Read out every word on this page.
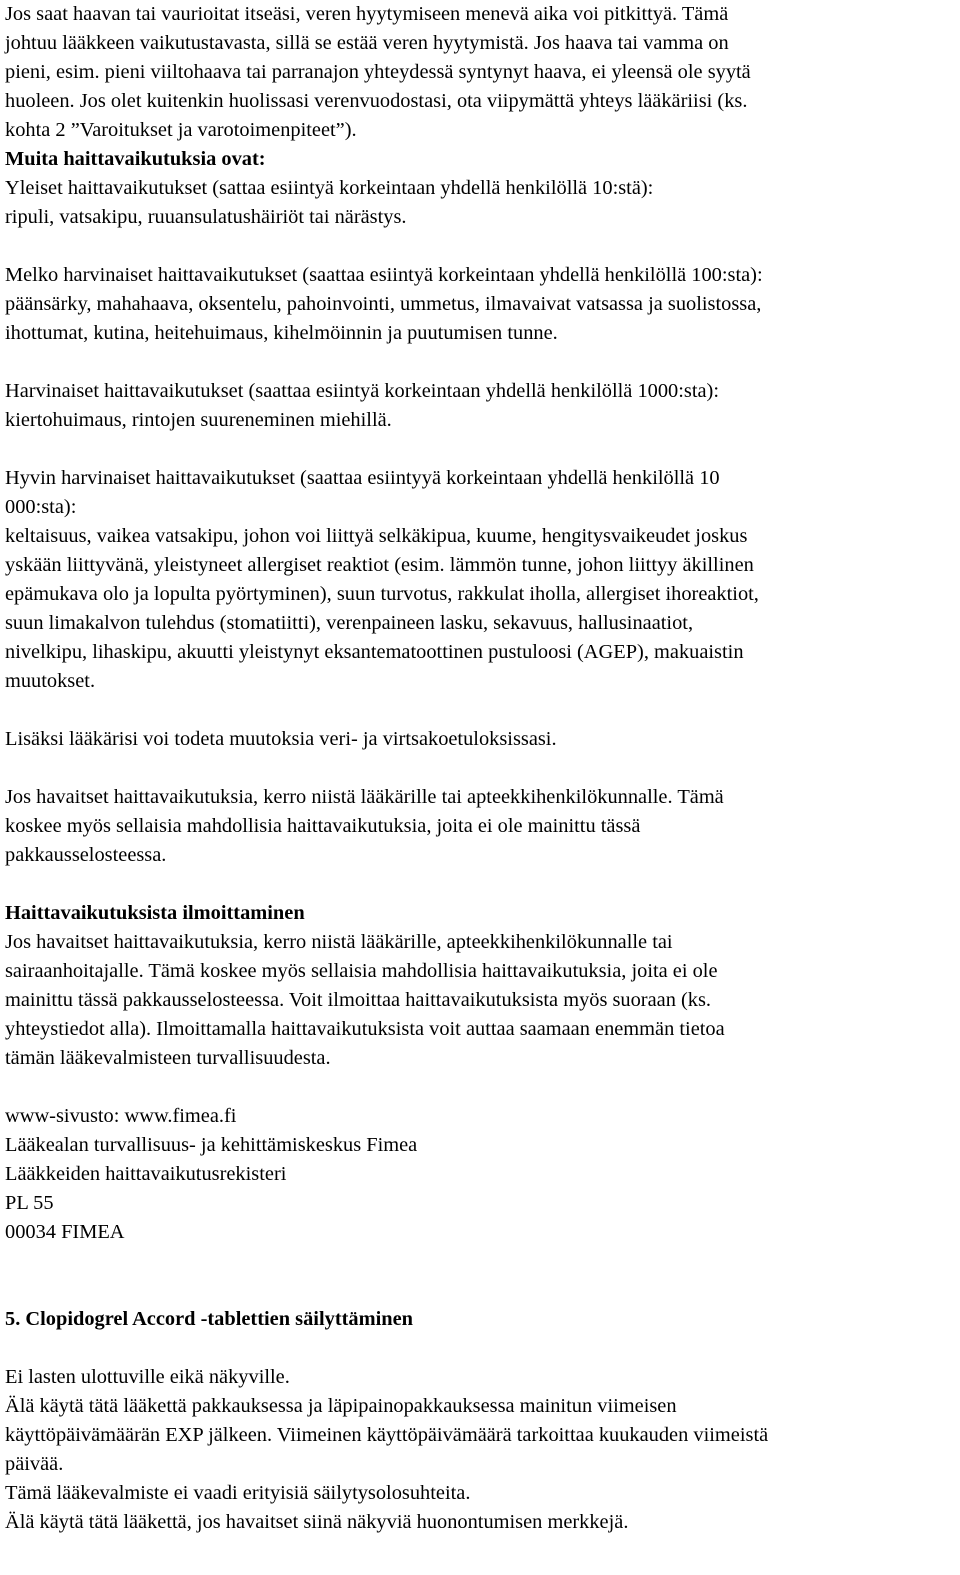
Jos saat haavan tai vaurioitat itseäsi, veren hyytymiseen menevä aika voi pitkittyä. Tämä
johtuu lääkkeen vaikutustavasta, sillä se estää veren hyytymistä. Jos haava tai vamma on
pieni, esim. pieni viiltohaava tai parranajon yhteydessä syntynyt haava, ei yleensä ole syytä
huoleen. Jos olet kuitenkin huolissasi verenvuodostasi, ota viipymättä yhteys lääkäriisi (ks.
kohta 2 ”Varoitukset ja varotoimenpiteet”).
Muita haittavaikutuksia ovat:
Yleiset haittavaikutukset (sattaa esiintyä korkeintaan yhdellä henkilöllä 10:stä):
ripuli, vatsakipu, ruuansulatushäiriöt tai närästys.
Melko harvinaiset haittavaikutukset (saattaa esiintyä korkeintaan yhdellä henkilöllä 100:sta):
päänsärky, mahahaava, oksentelu, pahoinvointi, ummetus, ilmavaivat vatsassa ja suolistossa,
ihottumat, kutina, heitehuimaus, kihelmöinnin ja puutumisen tunne.
Harvinaiset haittavaikutukset (saattaa esiintyä korkeintaan yhdellä henkilöllä 1000:sta):
kiertohuimaus, rintojen suureneminen miehillä.
Hyvin harvinaiset haittavaikutukset (saattaa esiintyyä korkeintaan yhdellä henkilöllä 10
000:sta):
keltaisuus, vaikea vatsakipu, johon voi liittyä selkäkipua, kuume, hengitysvaikeudet joskus
yskään liittyvänä, yleistyneet allergiset reaktiot (esim. lämmön tunne, johon liittyy äkillinen
epämukava olo ja lopulta pyörtyminen), suun turvotus, rakkulat iholla, allergiset ihoreaktiot,
suun limakalvon tulehdus (stomatiitti), verenpaineen lasku, sekavuus, hallusinaatiot,
nivelkipu, lihaskipu, akuutti yleistynyt eksantematoottinen pustuloosi (AGEP), makuaistin
muutokset.
Lisäksi lääkärisi voi todeta muutoksia veri- ja virtsakoetuloksissasi.
Jos havaitset haittavaikutuksia, kerro niistä lääkärille tai apteekkihenkilökunnalle. Tämä
koskee myös sellaisia mahdollisia haittavaikutuksia, joita ei ole mainittu tässä
pakkausselosteessa.
Haittavaikutuksista ilmoittaminen
Jos havaitset haittavaikutuksia, kerro niistä lääkärille, apteekkihenkilökunnalle tai
sairaanhoitajalle. Tämä koskee myös sellaisia mahdollisia haittavaikutuksia, joita ei ole
mainittu tässä pakkausselosteessa. Voit ilmoittaa haittavaikutuksista myös suoraan (ks.
yhteystiedot alla). Ilmoittamalla haittavaikutuksista voit auttaa saamaan enemmän tietoa
tämän lääkevalmisteen turvallisuudesta.
www-sivusto: www.fimea.fi
Lääkealan turvallisuus- ja kehittämiskeskus Fimea
Lääkkeiden haittavaikutusrekisteri
PL 55
00034 FIMEA
5. Clopidogrel Accord -tablettien säilyttäminen
Ei lasten ulottuville eikä näkyville.
Älä käytä tätä lääkettä pakkauksessa ja läpipainopakkauksessa mainitun viimeisen
käyttöpäivämäärän EXP jälkeen. Viimeinen käyttöpäivämäärä tarkoittaa kuukauden viimeistä
päivää.
Tämä lääkevalmiste ei vaadi erityisiä säilytysolosuhteita.
Älä käytä tätä lääkettä, jos havaitset siinä näkyviä huonontumisen merkkejä.
